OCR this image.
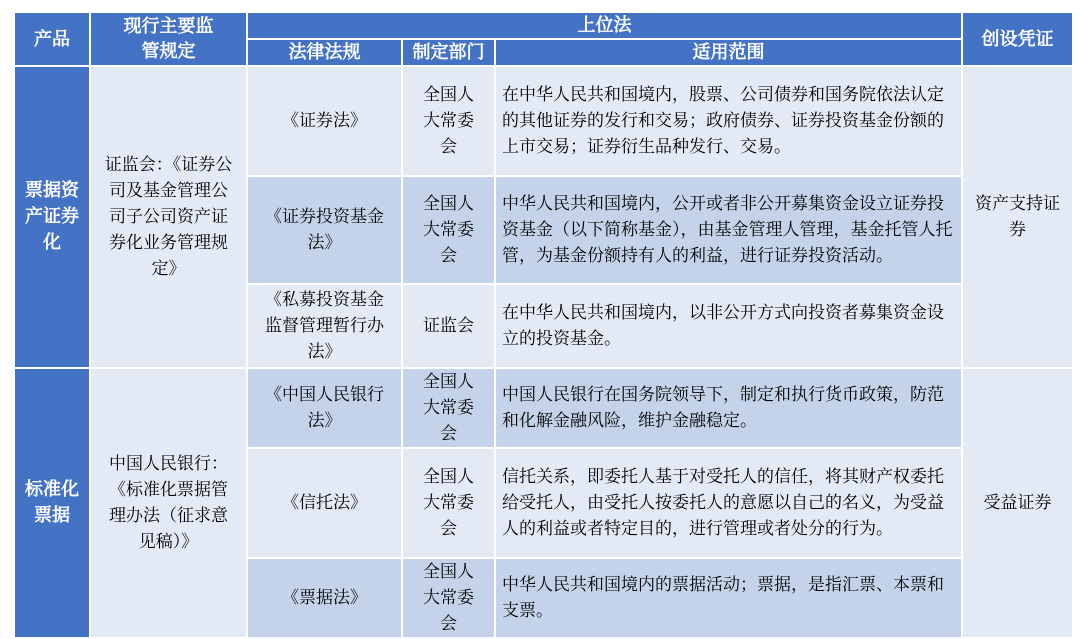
产品	现行主要监管规定	上位法			创设凭证
		法律法规	制定部门	适用范围	
票据资产证券化	证监会：《证券公司及基金管理公司子公司资产证券化业务管理规定》	《证券法》	全国人大常委会	在中华人民共和国境内，股票、公司债券和国务院依法认定的其他证券的发行和交易；政府债券、证券投资基金份额的上市交易；证券衍生品种发行、交易。	资产支持证券
		《证券投资基金法》	全国人大常委会	中华人民共和国境内，公开或者非公开募集资金设立证券投资基金（以下简称基金），由基金管理人管理，基金托管人托管，为基金份额持有人的利益，进行证券投资活动。	
		《私募投资基金监督管理暂行办法》	证监会	在中华人民共和国境内，以非公开方式向投资者募集资金设立的投资基金。	
标准化票据	中国人民银行：《标准化票据管理办法（征求意见稿）》	《中国人民银行法》	全国人大常委会	中国人民银行在国务院领导下，制定和执行货币政策，防范和化解金融风险，维护金融稳定。	受益证券
		《信托法》	全国人大常委会	信托关系，即委托人基于对受托人的信任，将其财产权委托给受托人，由受托人按委托人的意愿以自己的名义，为受益人的利益或者特定目的，进行管理或者处分的行为。	
		《票据法》	全国人大常委会	中华人民共和国境内的票据活动；票据，是指汇票、本票和支票。	
